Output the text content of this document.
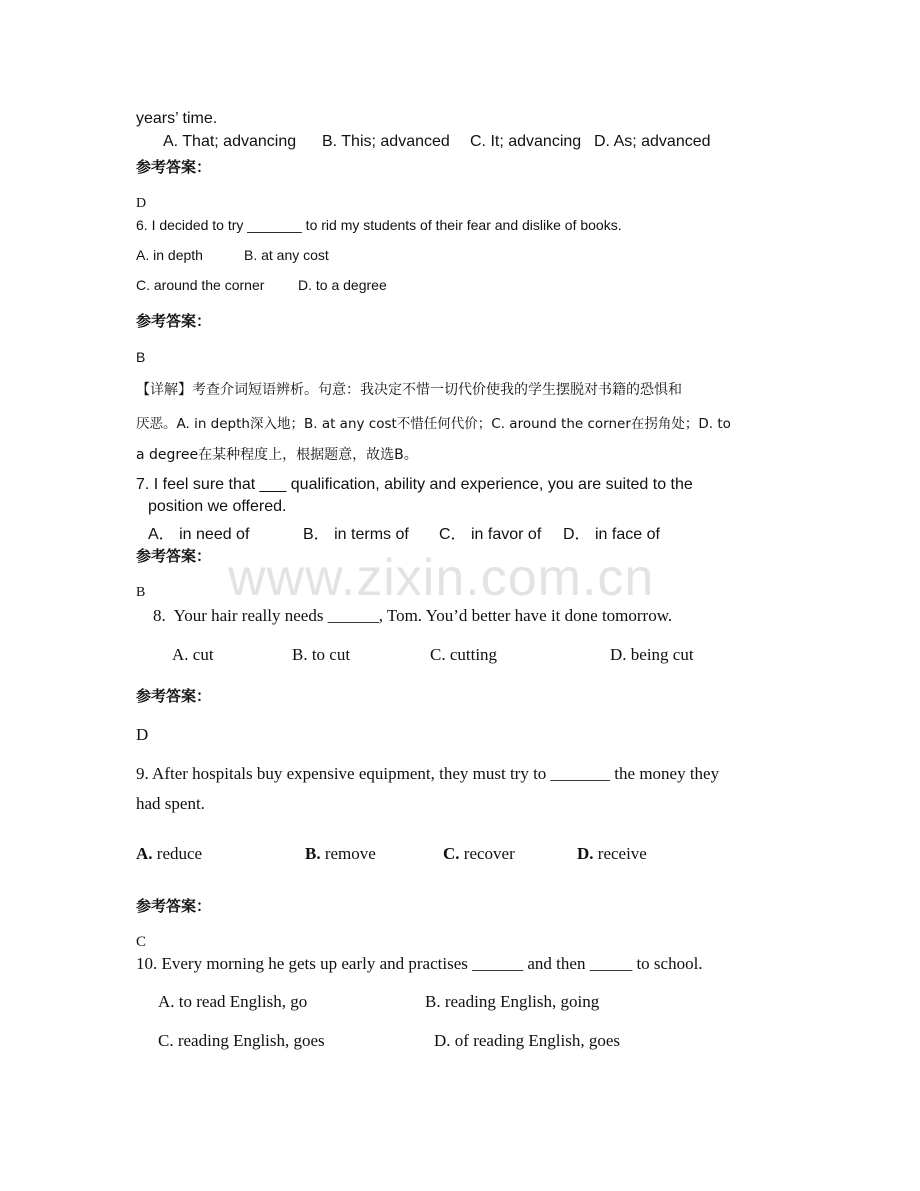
www.zixin.com.cn
years’ time.
A. That; advancing B. This; advanced C. It; advancing D. As; advanced
参考答案：
D
6. I decided to try _______ to rid my students of their fear and dislike of books.
A. in depth	B. at any cost
C. around the corner D. to a degree
参考答案：
B
【详解】考查介词短语辨析。句意：我决定不惜一切代价使我的学生摆脱对书籍的恐惧和
厌恶。A. in depth深入地；B. at any cost不惜任何代价；C. around the corner在拐角处；D. to
a degree在某种程度上，根据题意，故选B。
7. I feel sure that ___ qualification, ability and experience, you are suited to the
position we offered.
A． in need of	B． in terms of C． in favor of D． in face of
参考答案：
B
8.  Your hair really needs ______, Tom. You’d better have it done tomorrow.
A. cut	B. to cut	C. cutting	D. being cut
参考答案：
D
9. After hospitals buy expensive equipment, they must try to _______ the money they
had spent.
A. reduce	B. remove	C. recover	D. receive
参考答案：
C
10. Every morning he gets up early and practises ______ and then _____ to school.
A. to read English, go	B. reading English, going
C. reading English, goes	D. of reading English, goes
